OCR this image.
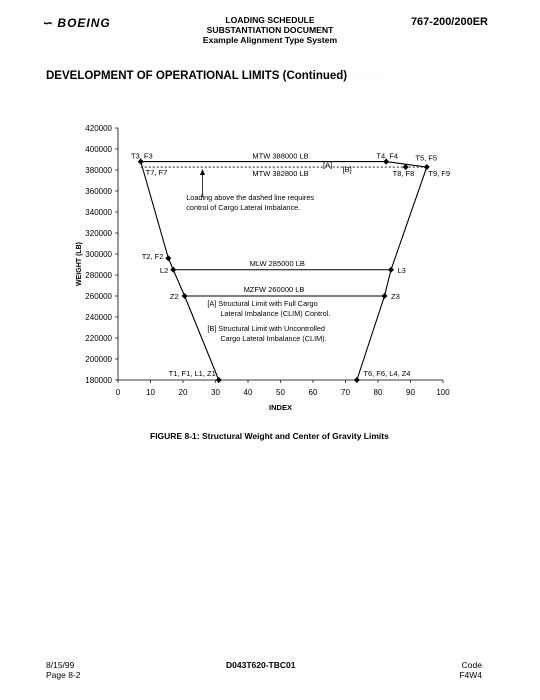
∽ BOEING	LOADING SCHEDULE
SUBSTANTIATION DOCUMENT
Example Alignment Type System
767-200/200ER
DEVELOPMENT OF OPERATIONAL LIMITS (Continued)
· ···· ··
180000
200000
220000
240000
260000
280000
300000
320000
340000
360000
380000
400000
420000
0	10	20	30	40	50	60	70	80	90	100
INDEX
WEIGHT (LB)
MTW 388000 LB
MTW 382800 LB
MLW 285000 LB
MZFW 260000 LB
[A] [B]
T1, F1, L1, Z1
Z2
L2
T2, F2
T3, F3
T7, F7
T4, F4 T5, F5
T8, F8 T9, F9
L3
Z3
T6, F6, L4, Z4
Loading above the dashed line requires
control of Cargo Lateral Imbalance.
[A] Structural Limit with Full Cargo
Lateral Imbalance (CLIM) Control.
[B] Structural Limit with Uncontrolled
Cargo Lateral Imbalance (CLIM).
FIGURE 8-1: Structural Weight and Center of Gravity Limits
8/15/99
Page 8-2
D043T620-TBC01	Code
F4W4
